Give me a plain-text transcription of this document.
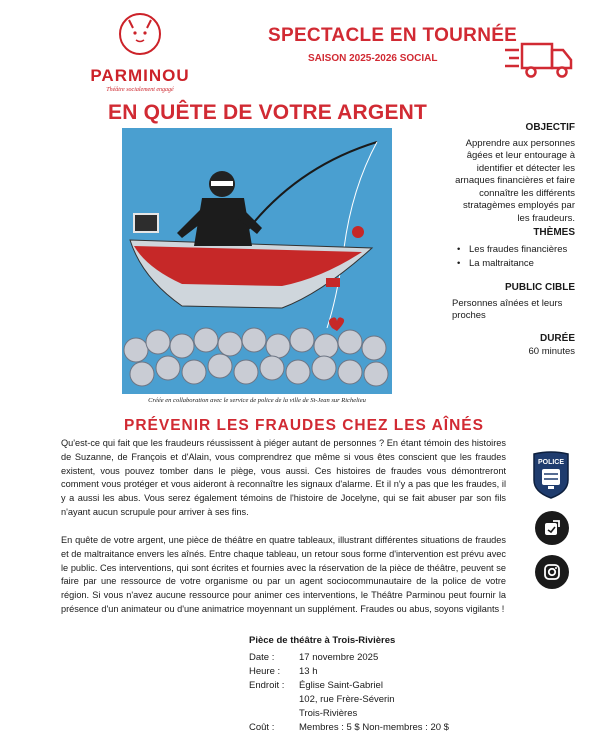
PARMINOU
Théâtre socialement engagé
SPECTACLE EN TOURNÉE
SAISON 2025-2026 SOCIAL
EN QUÊTE DE VOTRE ARGENT
Créée en collaboration avec le service de police de la ville de St-Jean sur Richelieu
OBJECTIF
Apprendre aux personnes âgées et leur entourage à identifier et détecter les arnaques financières et faire connaître les différents stratagèmes employés par les fraudeurs.
THÈMES
• Les fraudes financières
• La maltraitance
PUBLIC CIBLE
Personnes aînées et leurs proches
DURÉE
60 minutes
PRÉVENIR LES FRAUDES CHEZ LES AÎNÉS
Qu'est-ce qui fait que les fraudeurs réussissent à piéger autant de personnes ? En étant témoin des histoires de Suzanne, de François et d'Alain, vous comprendrez que même si vous êtes conscient que les fraudes existent, vous pouvez tomber dans le piège, vous aussi. Ces histoires de fraudes vous démontreront comment vous protéger et vous aideront à reconnaître les signaux d'alarme. Et il n'y a pas que les fraudes, il y a aussi les abus. Vous serez également témoins de l'histoire de Jocelyne, qui se fait abuser par son fils n'ayant aucun scrupule pour arriver à ses fins.
En quête de votre argent, une pièce de théâtre en quatre tableaux, illustrant différentes situations de fraudes et de maltraitance envers les aînés. Entre chaque tableau, un retour sous forme d'intervention est prévu avec le public. Ces interventions, qui sont écrites et fournies avec la réservation de la pièce de théâtre, peuvent se faire par une ressource de votre organisme ou par un agent sociocommunautaire de la police de votre région. Si vous n'avez aucune ressource pour animer ces interventions, le Théâtre Parminou peut fournir la présence d'un animateur ou d'une animatrice moyennant un supplément. Fraudes ou abus, soyons vigilants !
Pièce de théâtre à Trois-Rivières
Date :	17 novembre 2025
Heure :	13 h
Endroit :	Église Saint-Gabriel
102, rue Frère-Séverin
Trois-Rivières
Coût :	Membres : 5 $ Non-membres : 20 $
POLICE
